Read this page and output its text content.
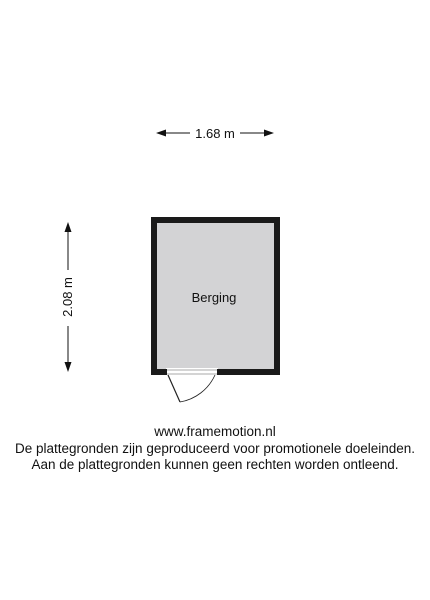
1.68 m
2.08 m	Berging
www.framemotion.nl
De plattegronden zijn geproduceerd voor promotionele doeleinden.
Aan de plattegronden kunnen geen rechten worden ontleend.
